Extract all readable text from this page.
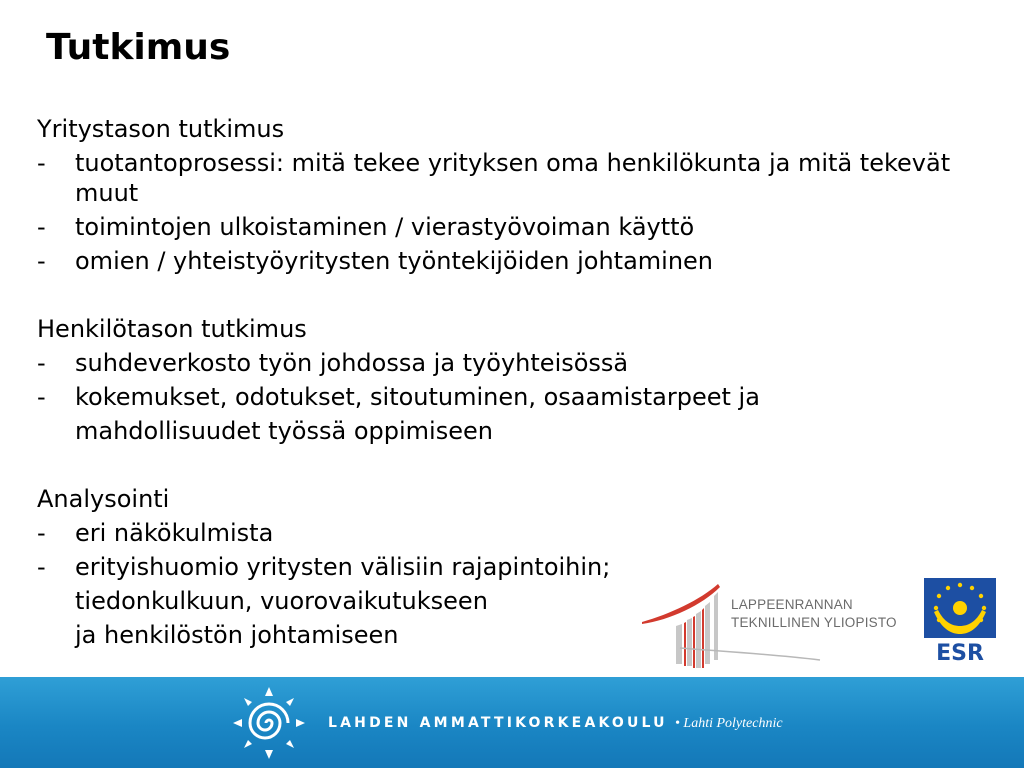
Tutkimus
Yritystason tutkimus
-	tuotantoprosessi: mitä tekee yrityksen oma henkilökunta ja mitä tekevät muut
-	toimintojen ulkoistaminen / vierastyövoiman käyttö
-	omien / yhteistyöyritysten työntekijöiden johtaminen
Henkilötason tutkimus
-	suhdeverkosto työn johdossa ja työyhteisössä
-	kokemukset, odotukset, sitoutuminen, osaamistarpeet ja
mahdollisuudet työssä oppimiseen
Analysointi
-	eri näkökulmista
-	erityishuomio yritysten välisiin rajapintoihin;
tiedonkulkuun, vuorovaikutukseen
ja henkilöstön johtamiseen
LAPPEENRANNAN
TEKNILLINEN YLIOPISTO
ESR
LAHDEN AMMATTIKORKEAKOULU • Lahti Polytechnic
